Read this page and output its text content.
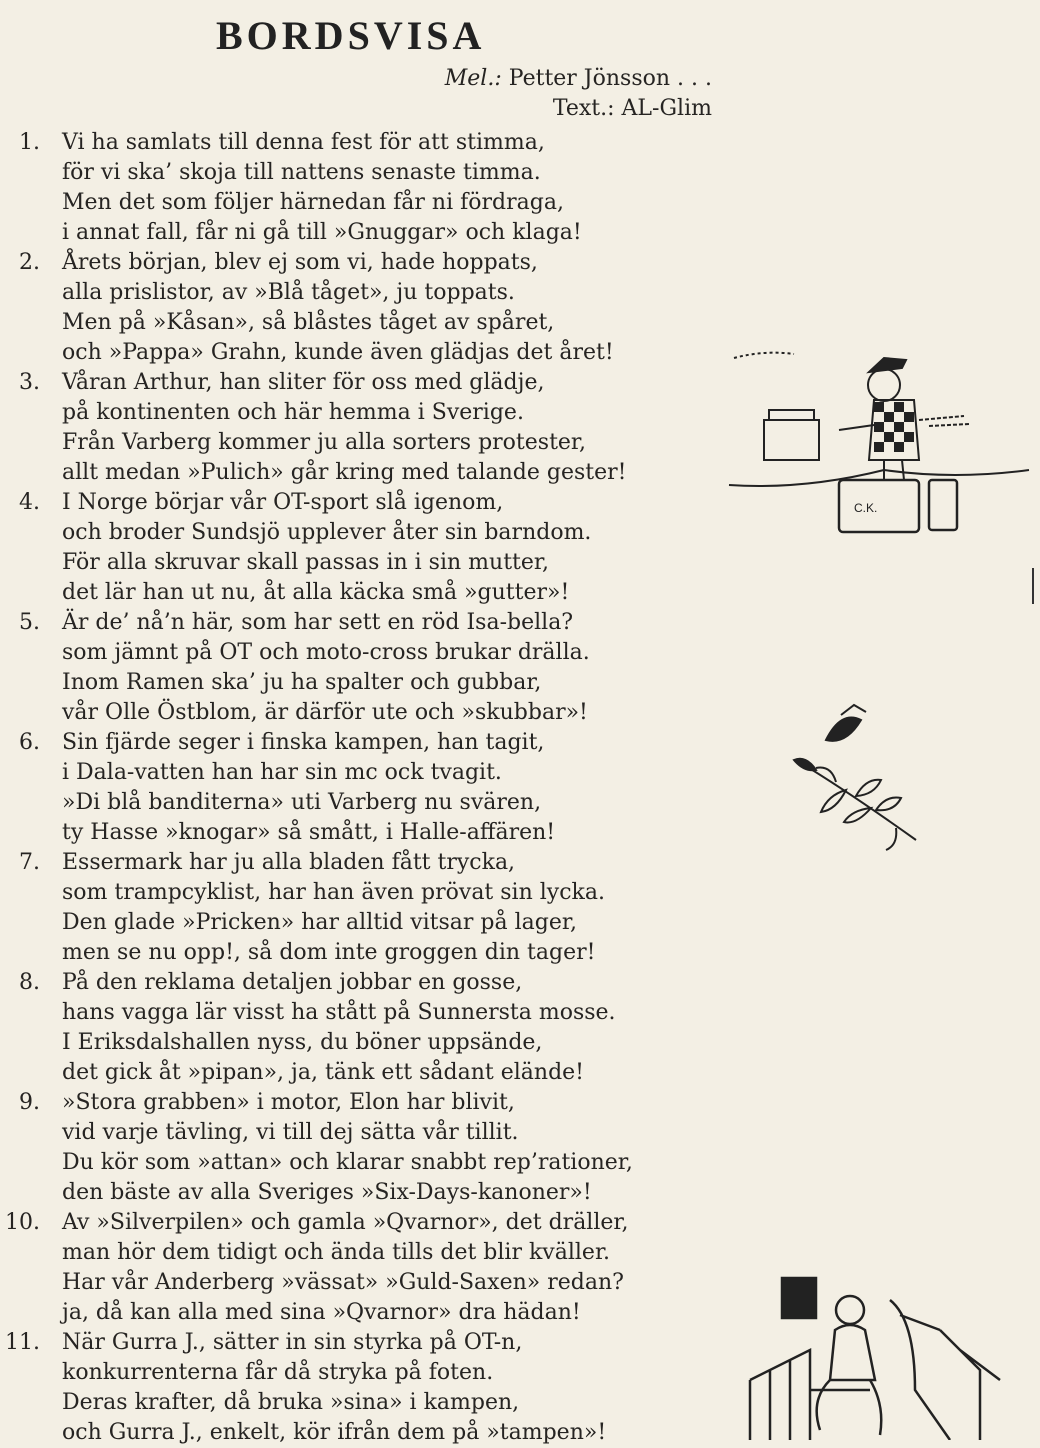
BORDSVISA
Mel.: Petter Jönsson . . .
Text.: AL-Glim
1. Vi ha samlats till denna fest för att stimma,
för vi ska’ skoja till nattens senaste timma.
Men det som följer härnedan får ni fördraga,
i annat fall, får ni gå till »Gnuggar» och klaga!
2. Årets början, blev ej som vi, hade hoppats,
alla prislistor, av »Blå tåget», ju toppats.
Men på »Kåsan», så blåstes tåget av spåret,
och »Pappa» Grahn, kunde även glädjas det året!
3. Våran Arthur, han sliter för oss med glädje,
på kontinenten och här hemma i Sverige.
Från Varberg kommer ju alla sorters protester,
allt medan »Pulich» går kring med talande gester!
4. I Norge börjar vår OT-sport slå igenom,
och broder Sundsjö upplever åter sin barndom.
För alla skruvar skall passas in i sin mutter,
det lär han ut nu, åt alla käcka små »gutter»!
5. Är de’ nå’n här, som har sett en röd Isa-bella?
som jämnt på OT och moto-cross brukar drälla.
Inom Ramen ska’ ju ha spalter och gubbar,
vår Olle Östblom, är därför ute och »skubbar»!
6. Sin fjärde seger i finska kampen, han tagit,
i Dala-vatten han har sin mc ock tvagit.
»Di blå banditerna» uti Varberg nu svären,
ty Hasse »knogar» så smått, i Halle-affären!
7. Essermark har ju alla bladen fått trycka,
som trampcyklist, har han även prövat sin lycka.
Den glade »Pricken» har alltid vitsar på lager,
men se nu opp!, så dom inte groggen din tager!
8. På den reklama detaljen jobbar en gosse,
hans vagga lär visst ha stått på Sunnersta mosse.
I Eriksdalshallen nyss, du böner uppsände,
det gick åt »pipan», ja, tänk ett sådant elände!
9. »Stora grabben» i motor, Elon har blivit,
vid varje tävling, vi till dej sätta vår tillit.
Du kör som »attan» och klarar snabbt rep’rationer,
den bäste av alla Sveriges »Six-Days-kanoner»!
10. Av »Silverpilen» och gamla »Qvarnor», det dräller,
man hör dem tidigt och ända tills det blir kväller.
Har vår Anderberg »vässat» »Guld-Saxen» redan?
ja, då kan alla med sina »Qvarnor» dra hädan!
11. När Gurra J., sätter in sin styrka på OT-n,
konkurrenterna får då stryka på foten.
Deras krafter, då bruka »sina» i kampen,
och Gurra J., enkelt, kör ifrån dem på »tampen»!
C.K.
